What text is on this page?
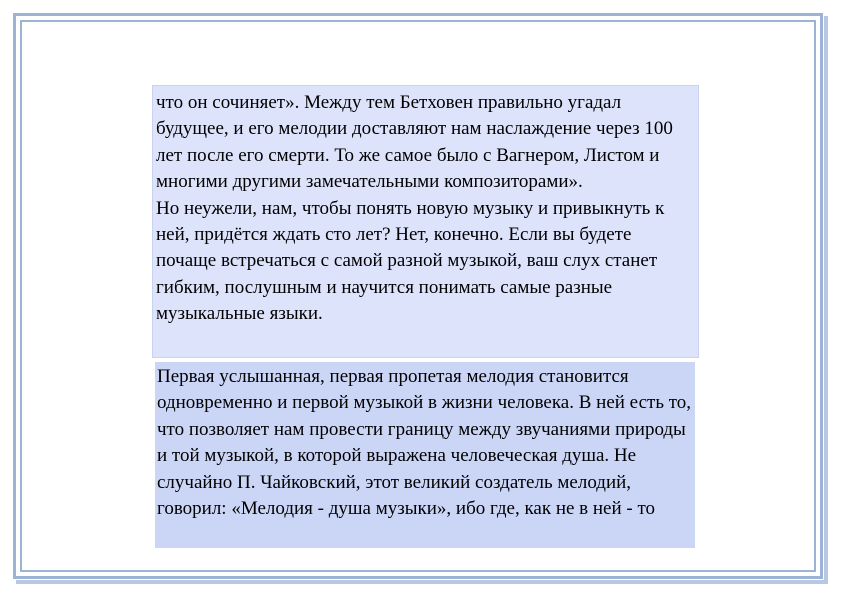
что он сочиняет». Между тем Бетховен правильно угадал будущее, и его мелодии доставляют нам наслаждение через 100 лет после его смерти. То же самое было с Вагнером, Листом и многими другими замечательными композиторами».

Но неужели, нам, чтобы понять новую музыку и привыкнуть к ней, придётся ждать сто лет? Нет, конечно. Если вы будете почаще встречаться с самой разной музыкой, ваш слух станет гибким, послушным и научится понимать самые разные музыкальные языки.

Первая услышанная, первая пропетая мелодия становится одновременно и первой музыкой в жизни человека. В ней есть то, что позволяет нам провести границу между звучаниями природы и той музыкой, в которой выражена человеческая душа. Не случайно П. Чайковский, этот великий создатель мелодий, говорил: «Мелодия - душа музыки», ибо где, как не в ней - то
